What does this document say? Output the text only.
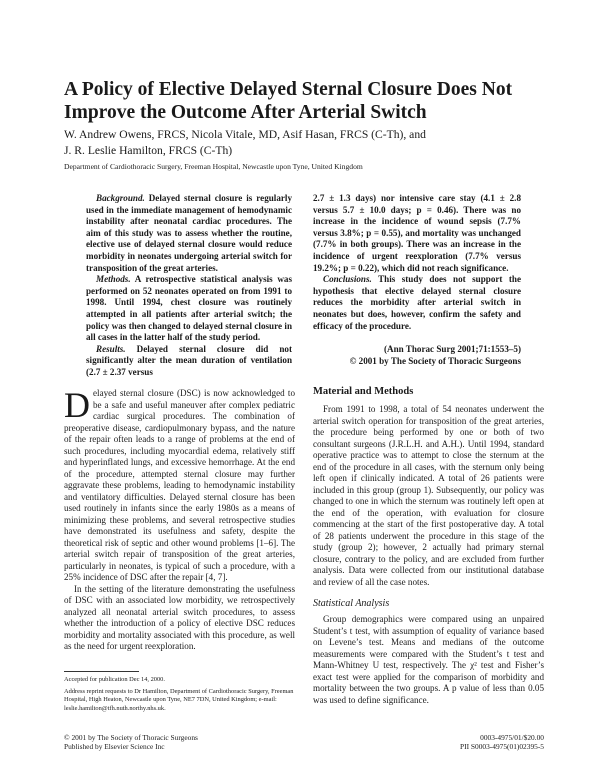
A Policy of Elective Delayed Sternal Closure Does Not Improve the Outcome After Arterial Switch
W. Andrew Owens, FRCS, Nicola Vitale, MD, Asif Hasan, FRCS (C-Th), and
J. R. Leslie Hamilton, FRCS (C-Th)
Department of Cardiothoracic Surgery, Freeman Hospital, Newcastle upon Tyne, United Kingdom

Background. Delayed sternal closure is regularly used in the immediate management of hemodynamic instability after neonatal cardiac procedures. The aim of this study was to assess whether the routine, elective use of delayed sternal closure would reduce morbidity in neonates undergoing arterial switch for transposition of the great arteries.

Methods. A retrospective statistical analysis was performed on 52 neonates operated on from 1991 to 1998. Until 1994, chest closure was routinely attempted in all patients after arterial switch; the policy was then changed to delayed sternal closure in all cases in the latter half of the study period.

Results. Delayed sternal closure did not significantly alter the mean duration of ventilation (2.7 ± 2.37 versus

2.7 ± 1.3 days) nor intensive care stay (4.1 ± 2.8 versus 5.7 ± 10.0 days; p = 0.46). There was no increase in the incidence of wound sepsis (7.7% versus 3.8%; p = 0.55), and mortality was unchanged (7.7% in both groups). There was an increase in the incidence of urgent reexploration (7.7% versus 19.2%; p = 0.22), which did not reach significance.

Conclusions. This study does not support the hypothesis that elective delayed sternal closure reduces the morbidity after arterial switch in neonates but does, however, confirm the safety and efficacy of the procedure.

(Ann Thorac Surg 2001;71:1553–5)
© 2001 by The Society of Thoracic Surgeons

Delayed sternal closure (DSC) is now acknowledged to be a safe and useful maneuver after complex pediatric cardiac surgical procedures. The combination of preoperative disease, cardiopulmonary bypass, and the nature of the repair often leads to a range of problems at the end of such procedures, including myocardial edema, relatively stiff and hyperinflated lungs, and excessive hemorrhage. At the end of the procedure, attempted sternal closure may further aggravate these problems, leading to hemodynamic instability and ventilatory difficulties. Delayed sternal closure has been used routinely in infants since the early 1980s as a means of minimizing these problems, and several retrospective studies have demonstrated its usefulness and safety, despite the theoretical risk of septic and other wound problems [1–6]. The arterial switch repair of transposition of the great arteries, particularly in neonates, is typical of such a procedure, with a 25% incidence of DSC after the repair [4, 7].

In the setting of the literature demonstrating the usefulness of DSC with an associated low morbidity, we retrospectively analyzed all neonatal arterial switch procedures, to assess whether the introduction of a policy of elective DSC reduces morbidity and mortality associated with this procedure, as well as the need for urgent reexploration.

Accepted for publication Dec 14, 2000.

Address reprint requests to Dr Hamilton, Department of Cardiothoracic Surgery, Freeman Hospital, High Heaton, Newcastle upon Tyne, NE7 7DN, United Kingdom; e-mail: leslie.hamilton@tfh.nuth.northy.nhs.uk.

Material and Methods

From 1991 to 1998, a total of 54 neonates underwent the arterial switch operation for transposition of the great arteries, the procedure being performed by one or both of two consultant surgeons (J.R.L.H. and A.H.). Until 1994, standard operative practice was to attempt to close the sternum at the end of the procedure in all cases, with the sternum only being left open if clinically indicated. A total of 26 patients were included in this group (group 1). Subsequently, our policy was changed to one in which the sternum was routinely left open at the end of the operation, with evaluation for closure commencing at the start of the first postoperative day. A total of 28 patients underwent the procedure in this stage of the study (group 2); however, 2 actually had primary sternal closure, contrary to the policy, and are excluded from further analysis. Data were collected from our institutional database and review of all the case notes.

Statistical Analysis

Group demographics were compared using an unpaired Student’s t test, with assumption of equality of variance based on Levene’s test. Means and medians of the outcome measurements were compared with the Student’s t test and Mann-Whitney U test, respectively. The χ² test and Fisher’s exact test were applied for the comparison of morbidity and mortality between the two groups. A p value of less than 0.05 was used to define significance.

© 2001 by The Society of Thoracic Surgeons
Published by Elsevier Science Inc
0003-4975/01/$20.00
PII S0003-4975(01)02395-5
